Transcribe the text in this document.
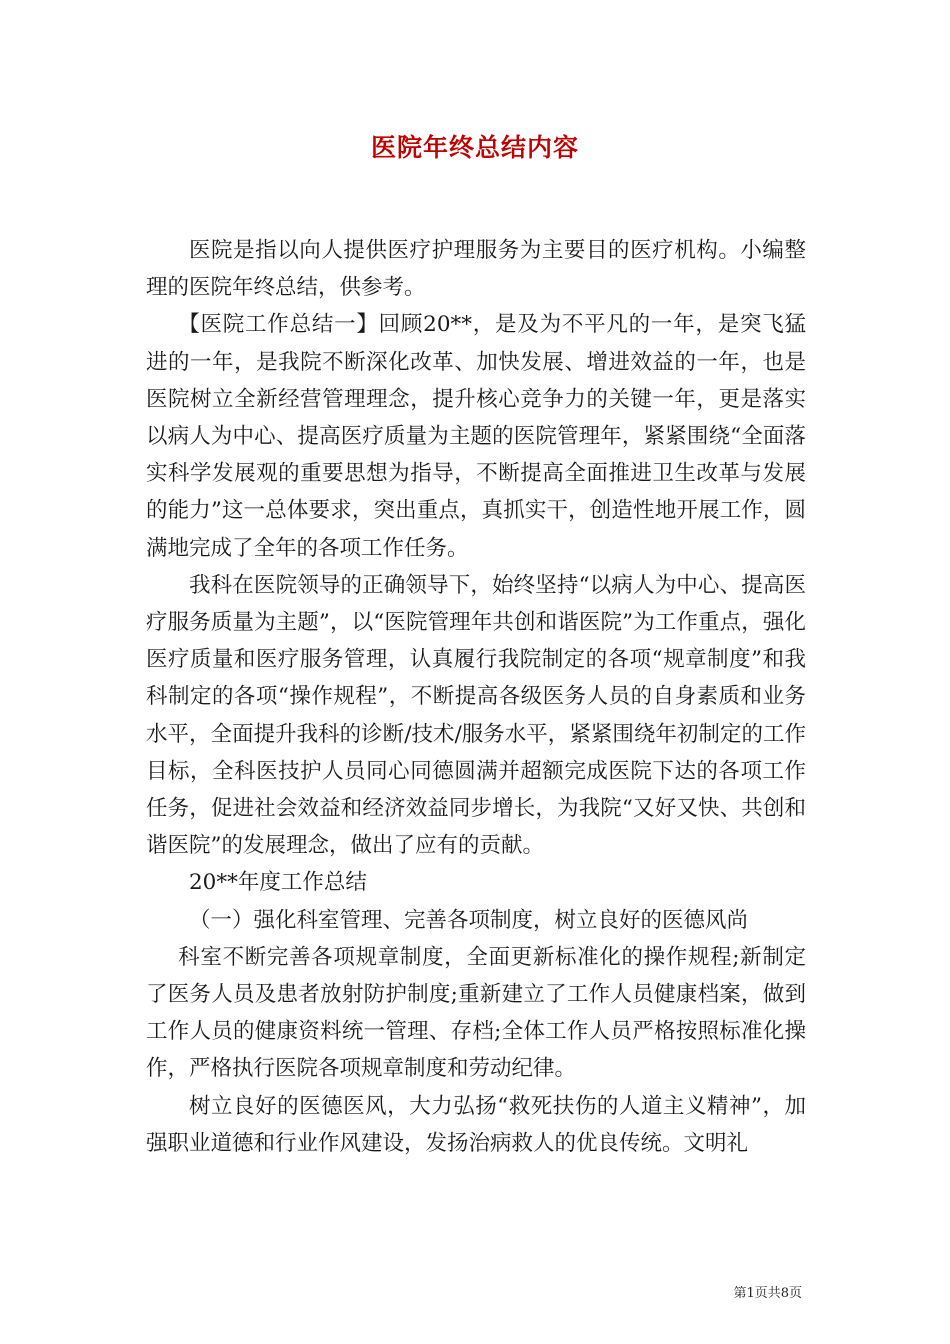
医院年终总结内容

医院是指以向人提供医疗护理服务为主要目的医疗机构。小编整理的医院年终总结，供参考。

【医院工作总结一】回顾20**，是及为不平凡的一年，是突飞猛进的一年，是我院不断深化改革、加快发展、增进效益的一年，也是医院树立全新经营管理理念，提升核心竞争力的关键一年，更是落实以病人为中心、提高医疗质量为主题的医院管理年，紧紧围绕“全面落实科学发展观的重要思想为指导，不断提高全面推进卫生改革与发展的能力”这一总体要求，突出重点，真抓实干，创造性地开展工作，圆满地完成了全年的各项工作任务。

我科在医院领导的正确领导下，始终坚持“以病人为中心、提高医疗服务质量为主题”，以“医院管理年共创和谐医院”为工作重点，强化医疗质量和医疗服务管理，认真履行我院制定的各项“规章制度”和我科制定的各项“操作规程”，不断提高各级医务人员的自身素质和业务水平，全面提升我科的诊断/技术/服务水平，紧紧围绕年初制定的工作目标，全科医技护人员同心同德圆满并超额完成医院下达的各项工作任务，促进社会效益和经济效益同步增长，为我院“又好又快、共创和谐医院”的发展理念，做出了应有的贡献。

20**年度工作总结

（一）强化科室管理、完善各项制度，树立良好的医德风尚

科室不断完善各项规章制度，全面更新标准化的操作规程;新制定了医务人员及患者放射防护制度;重新建立了工作人员健康档案，做到工作人员的健康资料统一管理、存档;全体工作人员严格按照标准化操作，严格执行医院各项规章制度和劳动纪律。

树立良好的医德医风，大力弘扬“救死扶伤的人道主义精神”，加强职业道德和行业作风建设，发扬治病救人的优良传统。文明礼

第1页共8页
